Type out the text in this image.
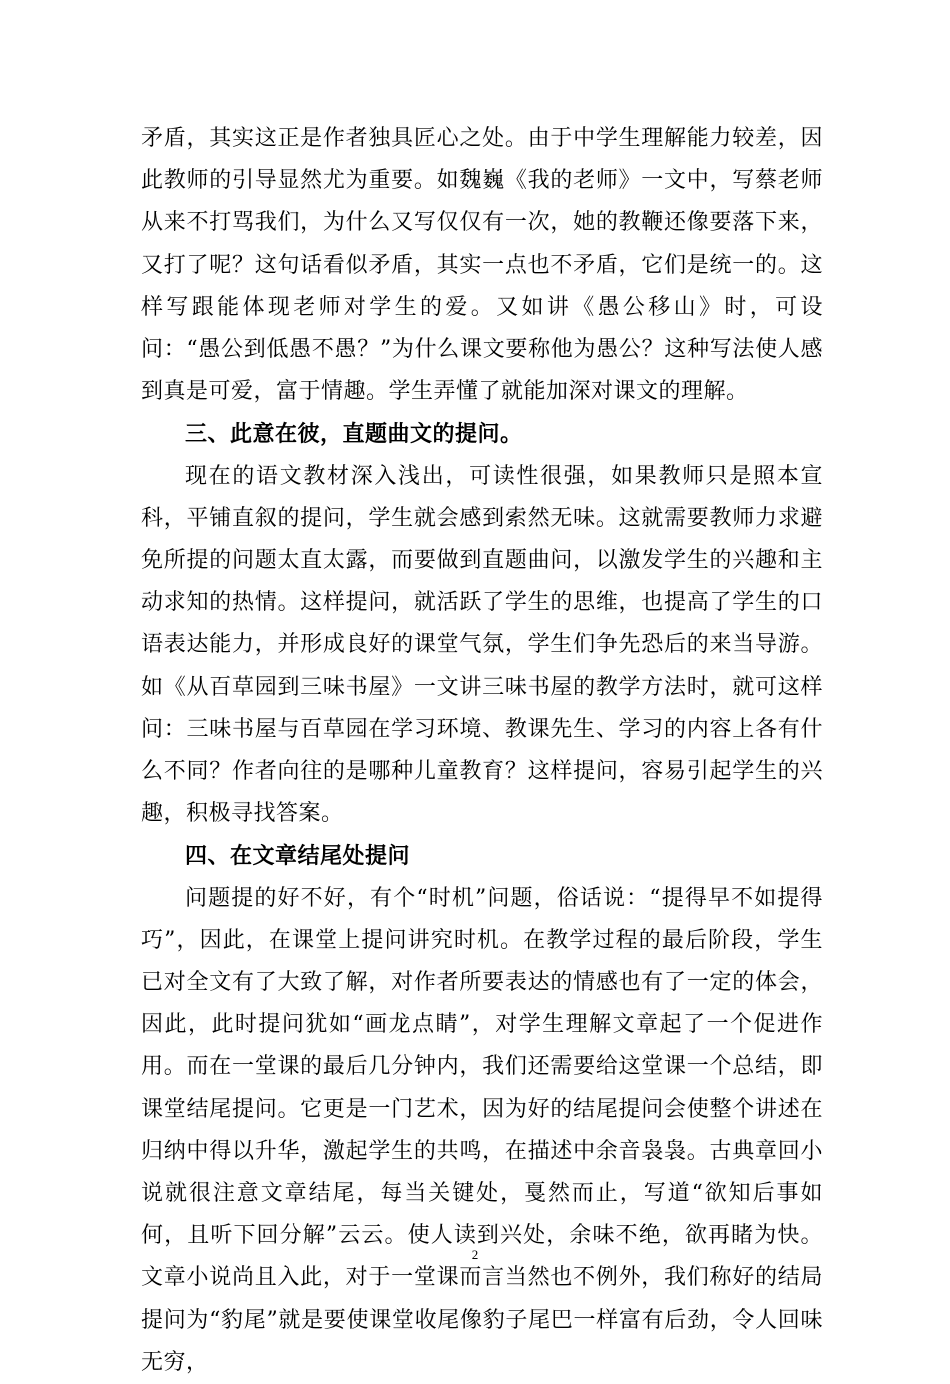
矛盾，其实这正是作者独具匠心之处。由于中学生理解能力较差，因此教师的引导显然尤为重要。如魏巍《我的老师》一文中，写蔡老师从来不打骂我们，为什么又写仅仅有一次，她的教鞭还像要落下来，又打了呢？这句话看似矛盾，其实一点也不矛盾，它们是统一的。这样写跟能体现老师对学生的爱。又如讲《愚公移山》时，可设问：“愚公到低愚不愚？”为什么课文要称他为愚公？这种写法使人感到真是可爱，富于情趣。学生弄懂了就能加深对课文的理解。

三、此意在彼，直题曲文的提问。

现在的语文教材深入浅出，可读性很强，如果教师只是照本宣科，平铺直叙的提问，学生就会感到索然无味。这就需要教师力求避免所提的问题太直太露，而要做到直题曲问，以激发学生的兴趣和主动求知的热情。这样提问，就活跃了学生的思维，也提高了学生的口语表达能力，并形成良好的课堂气氛，学生们争先恐后的来当导游。如《从百草园到三味书屋》一文讲三味书屋的教学方法时，就可这样问：三味书屋与百草园在学习环境、教课先生、学习的内容上各有什么不同？作者向往的是哪种儿童教育？这样提问，容易引起学生的兴趣，积极寻找答案。

四、在文章结尾处提问

问题提的好不好，有个“时机”问题，俗话说：“提得早不如提得巧”，因此，在课堂上提问讲究时机。在教学过程的最后阶段，学生已对全文有了大致了解，对作者所要表达的情感也有了一定的体会，因此，此时提问犹如“画龙点睛”，对学生理解文章起了一个促进作用。而在一堂课的最后几分钟内，我们还需要给这堂课一个总结，即课堂结尾提问。它更是一门艺术，因为好的结尾提问会使整个讲述在归纳中得以升华，激起学生的共鸣，在描述中余音袅袅。古典章回小说就很注意文章结尾，每当关键处，戛然而止，写道“欲知后事如何，且听下回分解”云云。使人读到兴处，余味不绝，欲再睹为快。文章小说尚且入此，对于一堂课而言当然也不例外，我们称好的结局提问为“豹尾”就是要使课堂收尾像豹子尾巴一样富有后劲，令人回味无穷，

2
